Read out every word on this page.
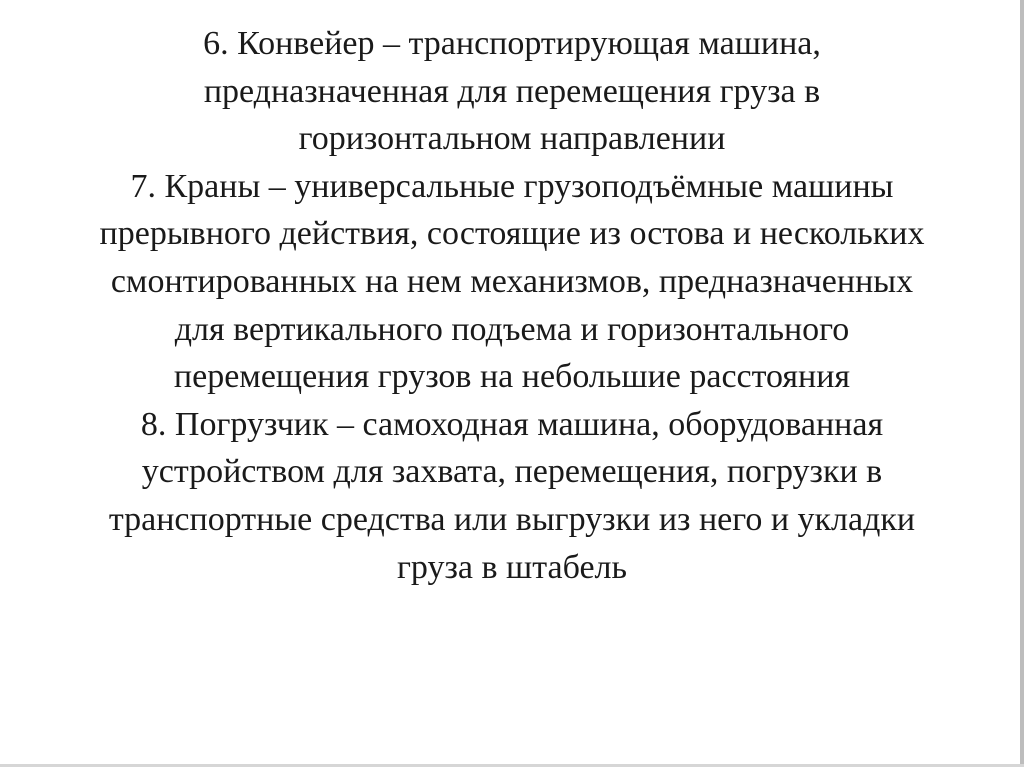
6. Конвейер – транспортирующая машина,
предназначенная для перемещения груза в
горизонтальном направлении
7. Краны – универсальные грузоподъёмные машины
прерывного действия, состоящие из остова и нескольких
смонтированных на нем механизмов, предназначенных
для вертикального подъема и горизонтального
перемещения грузов на небольшие расстояния
8. Погрузчик – самоходная машина, оборудованная
устройством для захвата, перемещения, погрузки в
транспортные средства или выгрузки из него и укладки
груза в штабель
